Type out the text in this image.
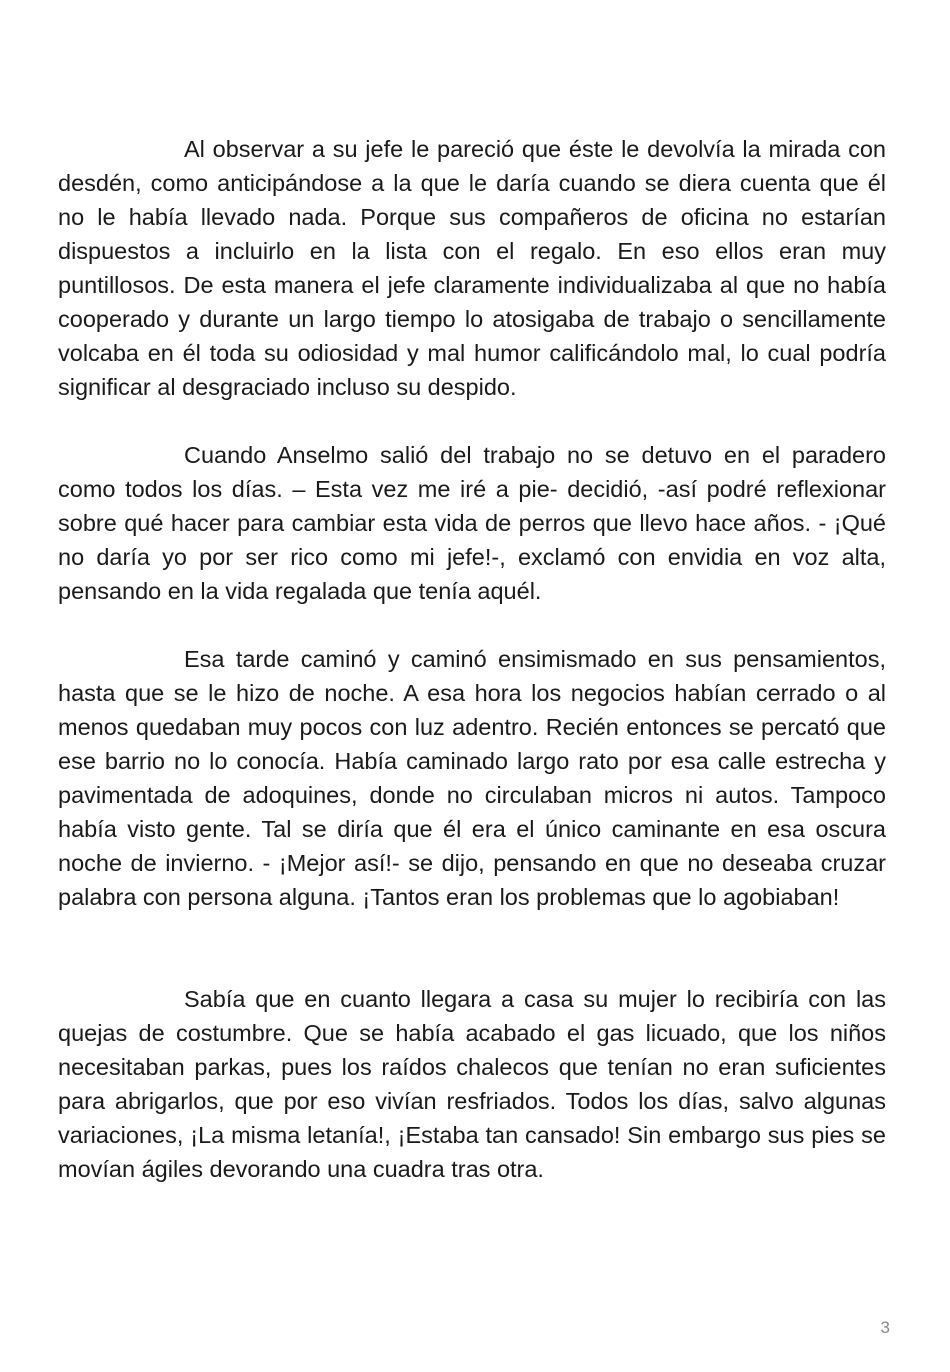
Al observar a su jefe le pareció que éste le devolvía la mirada con desdén, como anticipándose a la que le daría cuando se diera cuenta que él no le había llevado nada. Porque sus compañeros de oficina no estarían dispuestos a incluirlo en la lista con el regalo. En eso ellos eran muy puntillosos. De esta manera el jefe claramente individualizaba al que no había cooperado y durante un largo tiempo lo atosigaba de trabajo o sencillamente volcaba en él toda su odiosidad y mal humor calificándolo mal, lo cual podría significar al desgraciado incluso su despido.

Cuando Anselmo salió del trabajo no se detuvo en el paradero como todos los días. – Esta vez me iré a pie- decidió, -así podré reflexionar sobre qué hacer para cambiar esta vida de perros que llevo hace años. - ¡Qué no daría yo por ser rico como mi jefe!-, exclamó con envidia en voz alta, pensando en la vida regalada que tenía aquél.

Esa tarde caminó y caminó ensimismado en sus pensamientos, hasta que se le hizo de noche. A esa hora los negocios habían cerrado o al menos quedaban muy pocos con luz adentro. Recién entonces se percató que ese barrio no lo conocía. Había caminado largo rato por esa calle estrecha y pavimentada de adoquines, donde no circulaban micros ni autos. Tampoco había visto gente. Tal se diría que él era el único caminante en esa oscura noche de invierno. - ¡Mejor así!- se dijo, pensando en que no deseaba cruzar palabra con persona alguna. ¡Tantos eran los problemas que lo agobiaban!

Sabía que en cuanto llegara a casa su mujer lo recibiría con las quejas de costumbre. Que se había acabado el gas licuado, que los niños necesitaban parkas, pues los raídos chalecos que tenían no eran suficientes para abrigarlos, que por eso vivían resfriados. Todos los días, salvo algunas variaciones, ¡La misma letanía!, ¡Estaba tan cansado! Sin embargo sus pies se movían ágiles devorando una cuadra tras otra.

3
